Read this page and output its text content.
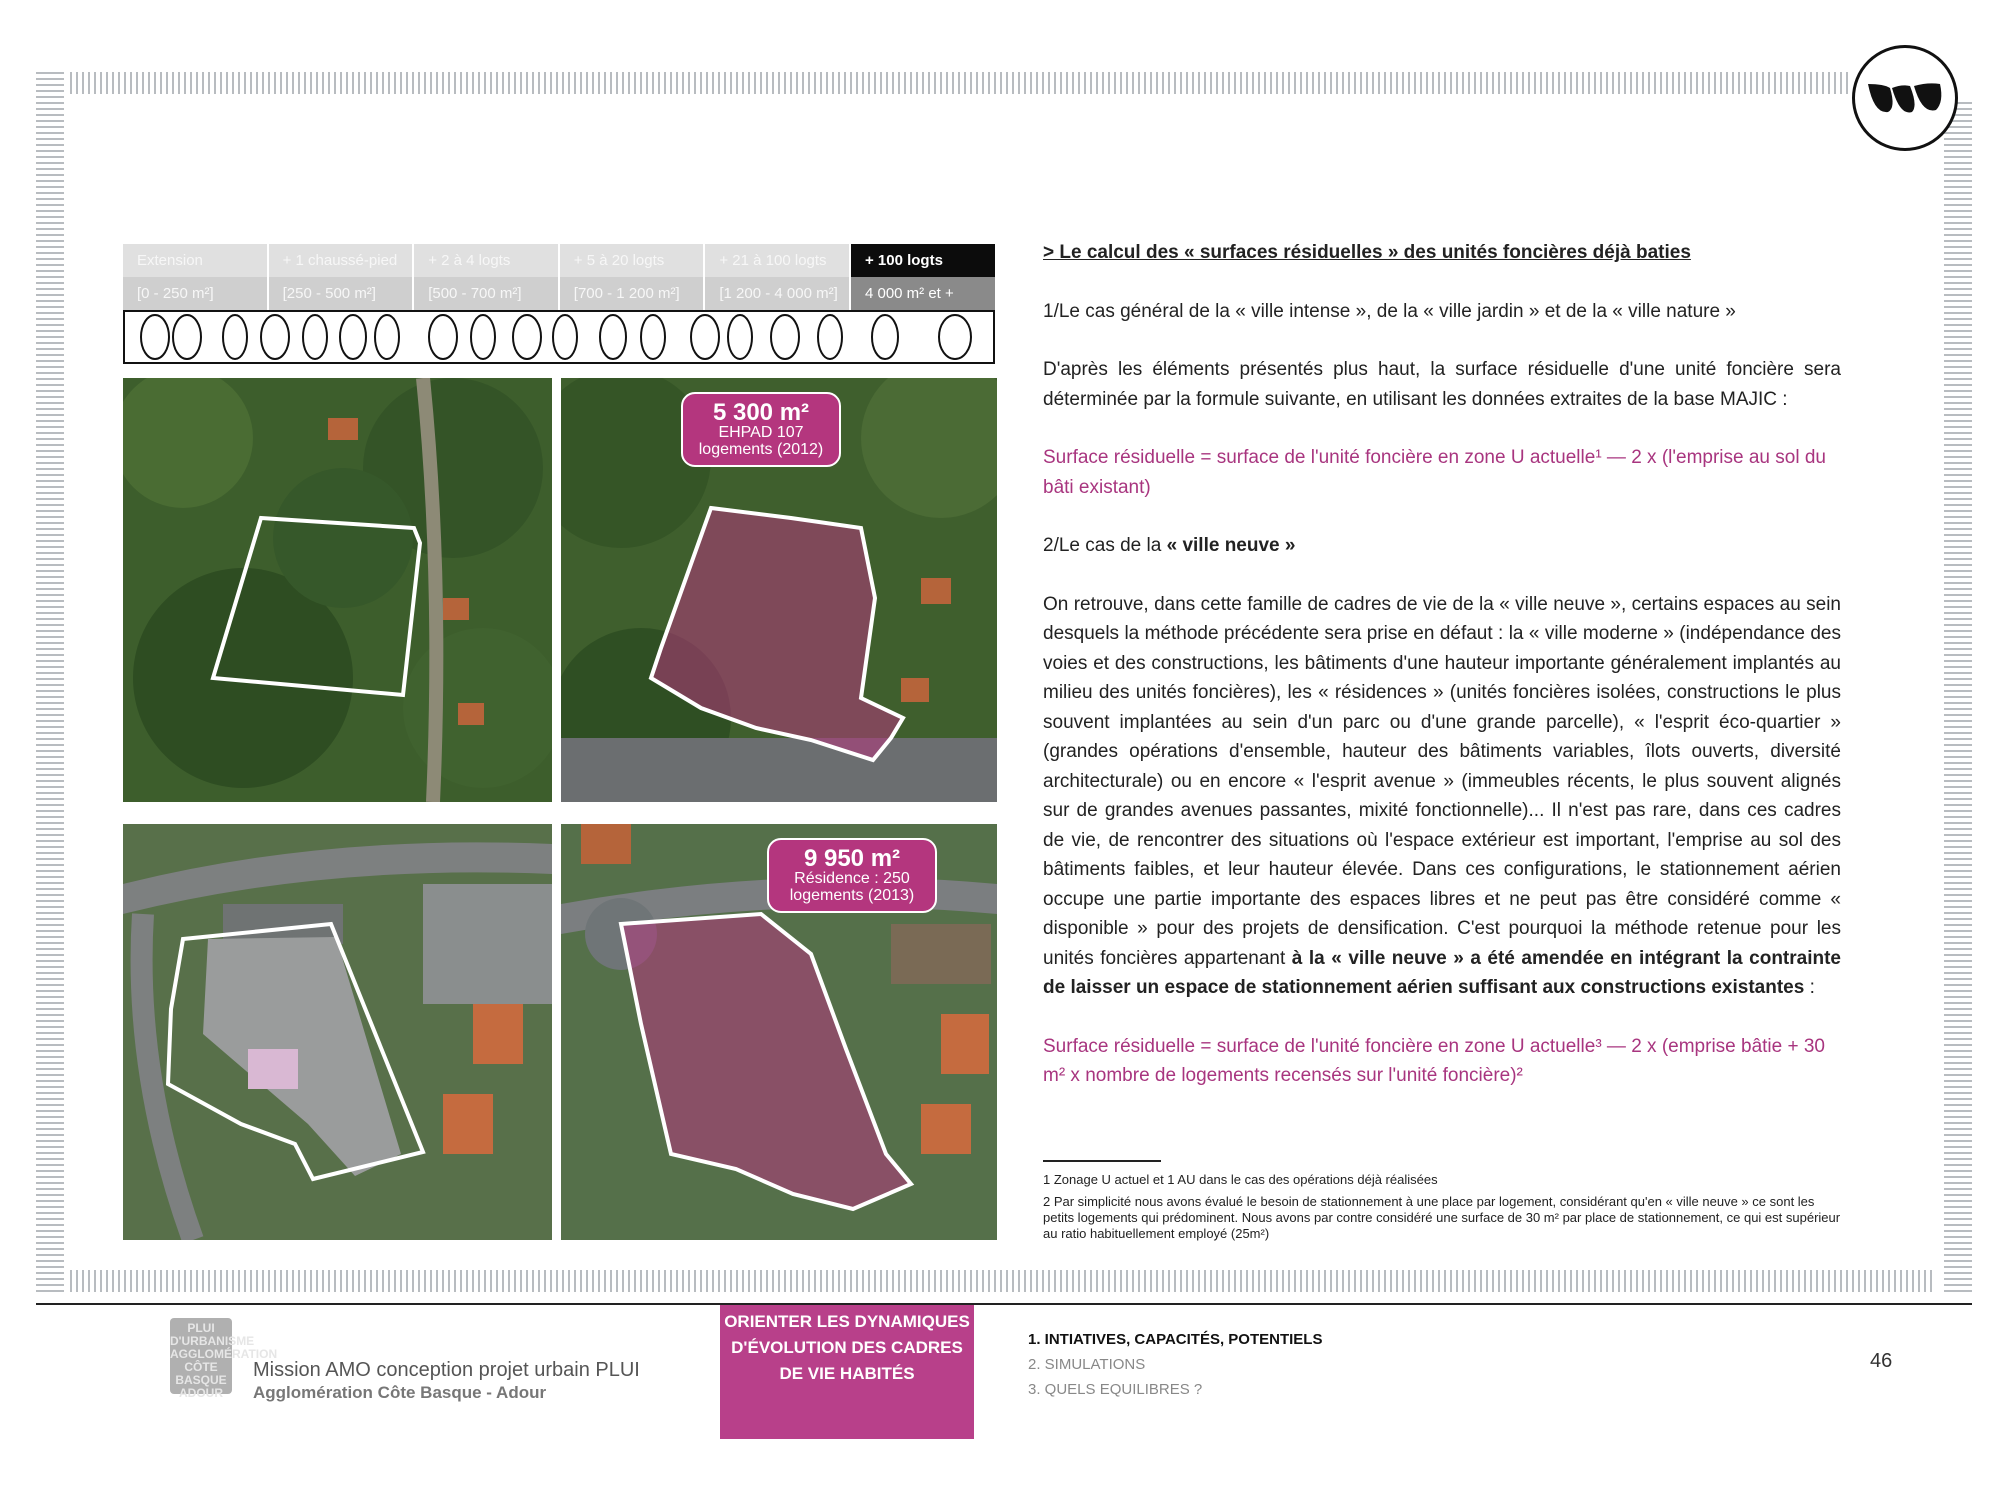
Extension	+ 1 chaussé-pied	+ 2 à 4 logts	+ 5 à 20 logts	+ 21 à 100 logts	+ 100 logts
[0 - 250 m²]	[250 - 500 m²]	[500 - 700 m²]	[700 - 1 200 m²]	[1 200 - 4 000 m²]	4 000 m² et +
5 300 m²
EHPAD 107
logements (2012)
9 950 m²
Résidence : 250
logements (2013)

> Le calcul des « surfaces résiduelles » des unités foncières déjà baties

1/Le cas général de la « ville intense », de la « ville jardin » et de la « ville nature »

D'après les éléments présentés plus haut, la surface résiduelle d'une unité foncière sera déterminée par la formule suivante, en utilisant les données extraites de la base MAJIC :

Surface résiduelle = surface de l'unité foncière en zone U actuelle¹ — 2 x (l'emprise au sol du bâti existant)

2/Le cas de la « ville neuve »

On retrouve, dans cette famille de cadres de vie de la « ville neuve », certains espaces au sein desquels la méthode précédente sera prise en défaut : la « ville moderne » (indépendance des voies et des constructions, les bâtiments d'une hauteur importante généralement implantés au milieu des unités foncières), les « résidences » (unités foncières isolées, constructions le plus souvent implantées au sein d'un parc ou d'une grande parcelle), « l'esprit éco-quartier » (grandes opérations d'ensemble, hauteur des bâtiments variables, îlots ouverts, diversité architecturale) ou en encore « l'esprit avenue » (immeubles récents, le plus souvent alignés sur de grandes avenues passantes, mixité fonctionnelle)... Il n'est pas rare, dans ces cadres de vie, de rencontrer des situations où l'espace extérieur est important, l'emprise au sol des bâtiments faibles, et leur hauteur élevée. Dans ces configurations, le stationnement aérien occupe une partie importante des espaces libres et ne peut pas être considéré comme « disponible » pour des projets de densification. C'est pourquoi la méthode retenue pour les unités foncières appartenant à la « ville neuve » a été amendée en intégrant la contrainte de laisser un espace de stationnement aérien suffisant aux constructions existantes :

Surface résiduelle = surface de l'unité foncière en zone U actuelle³ — 2 x (emprise bâtie + 30 m² x nombre de logements recensés sur l'unité foncière)²

1 Zonage U actuel et 1 AU dans le cas des opérations déjà réalisées

2 Par simplicité nous avons évalué le besoin de stationnement à une place par logement, considérant qu'en « ville neuve » ce sont les petits logements qui prédominent. Nous avons par contre considéré une surface de 30 m² par place de stationnement, ce qui est supérieur au ratio habituellement employé (25m²)

PLUI D'URBANISME AGGLOMÉRATION CÔTE BASQUE ADOUR
Mission AMO conception projet urbain PLUI
Agglomération Côte Basque - Adour
ORIENTER LES DYNAMIQUES D'ÉVOLUTION DES CADRES DE VIE HABITÉS
1. INTIATIVES, CAPACITÉS, POTENTIELS
2. SIMULATIONS
3. QUELS EQUILIBRES ?
46
